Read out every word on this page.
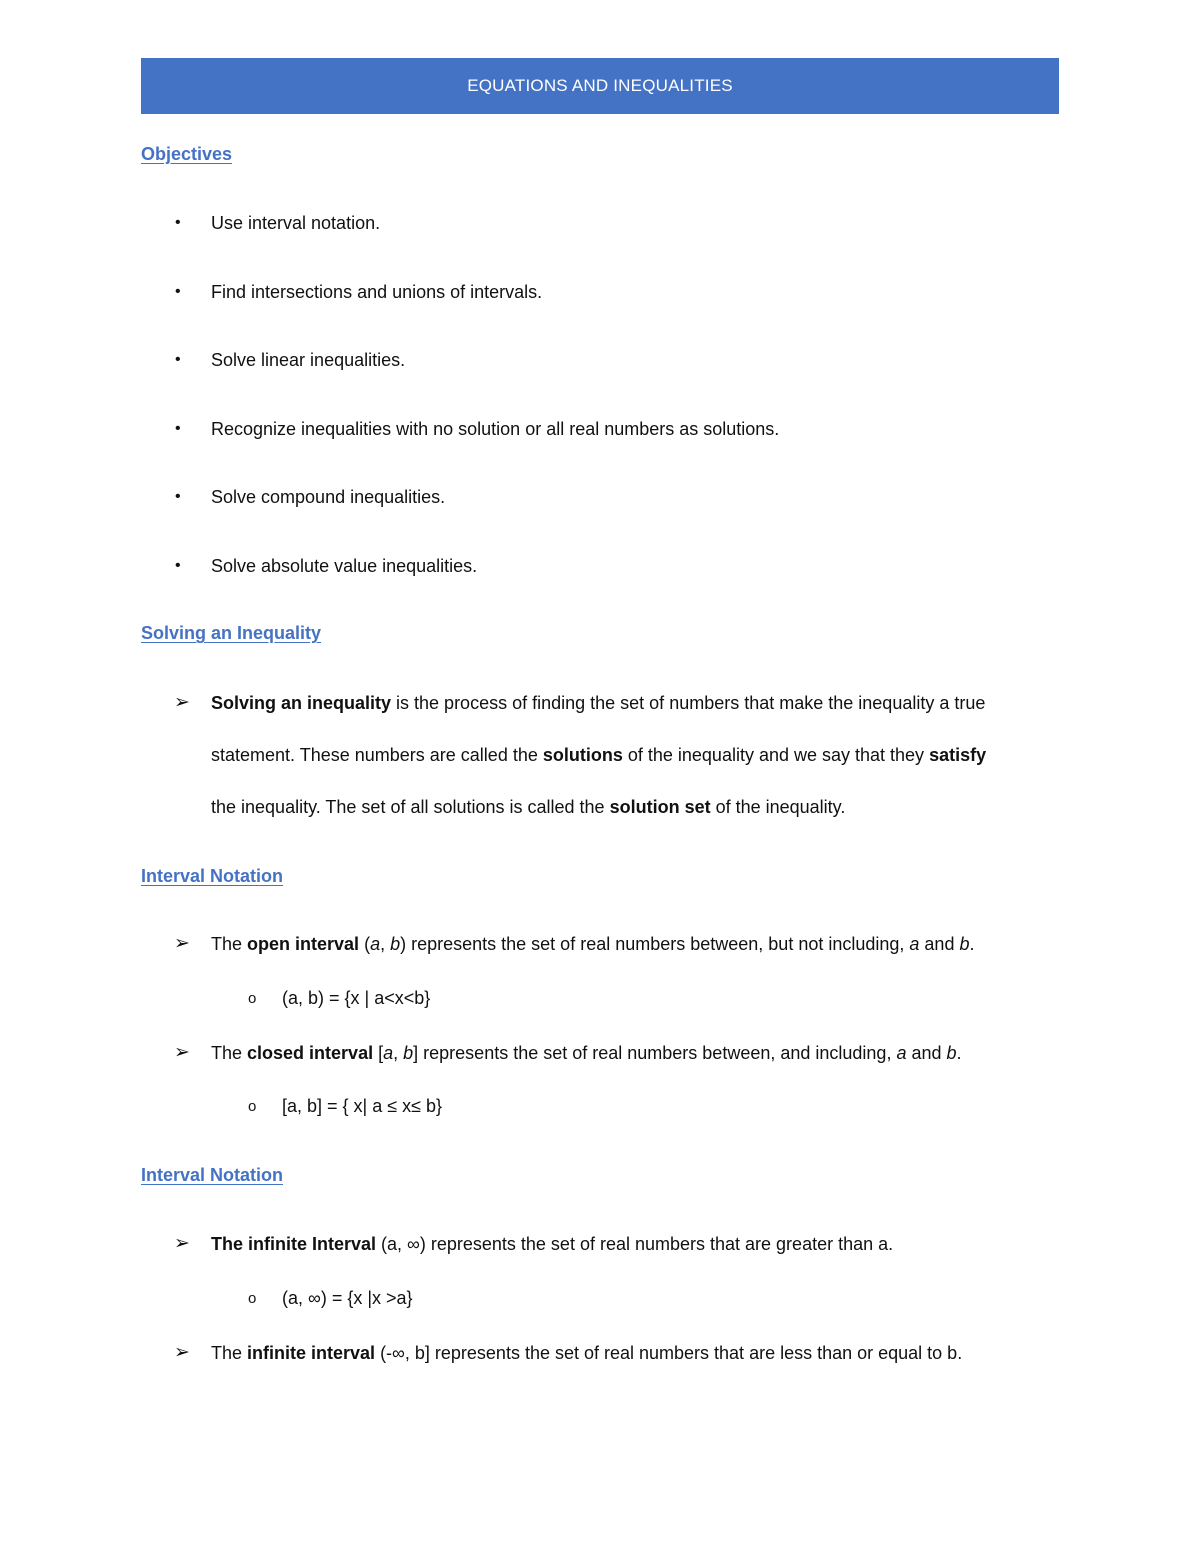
EQUATIONS AND INEQUALITIES
Objectives
• Use interval notation.
• Find intersections and unions of intervals.
• Solve linear inequalities.
• Recognize inequalities with no solution or all real numbers as solutions.
• Solve compound inequalities.
• Solve absolute value inequalities.
Solving an Inequality
➢ Solving an inequality is the process of finding the set of numbers that make the inequality a true
statement. These numbers are called the solutions of the inequality and we say that they satisfy
the inequality. The set of all solutions is called the solution set of the inequality.
Interval Notation
➢ The open interval (a, b) represents the set of real numbers between, but not including, a and b.
o (a, b) = {x | a<x<b}
➢ The closed interval [a, b] represents the set of real numbers between, and including, a and b.
o [a, b] = { x| a ≤ x≤ b}
Interval Notation
➢ The infinite Interval (a, ∞) represents the set of real numbers that are greater than a.
o (a, ∞) = {x |x >a}
➢ The infinite interval (-∞, b] represents the set of real numbers that are less than or equal to b.
